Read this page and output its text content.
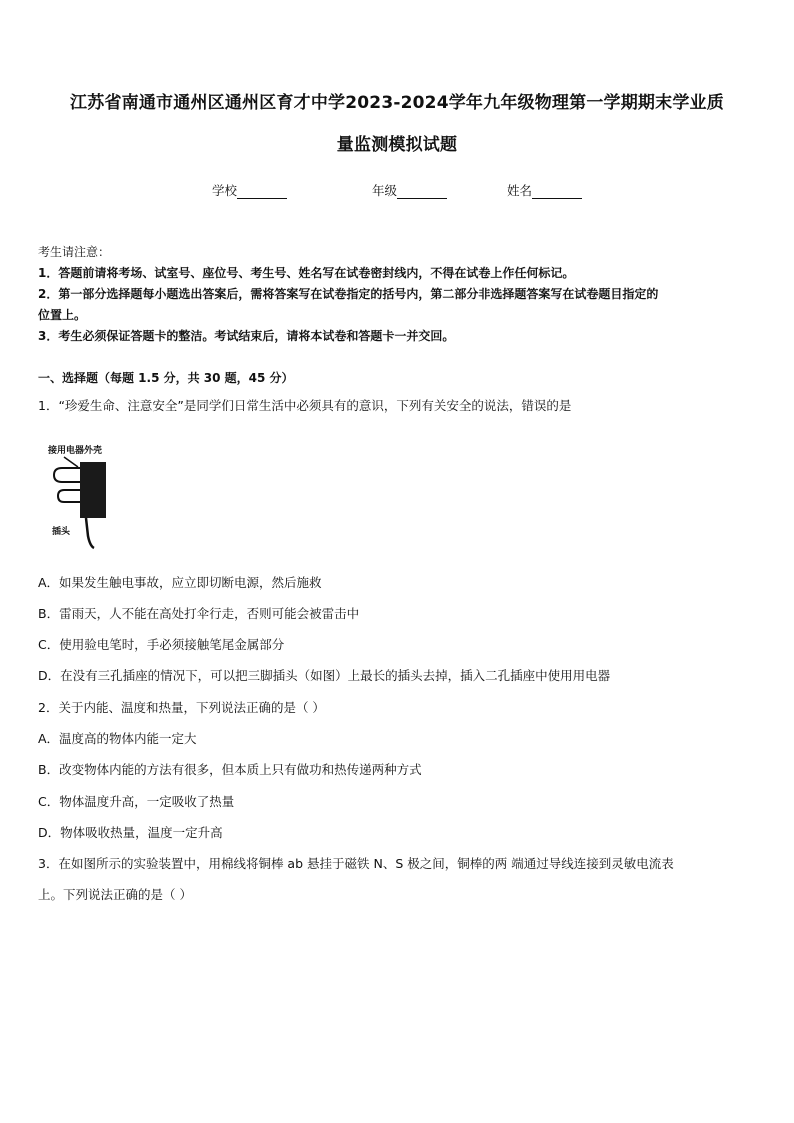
江苏省南通市通州区通州区育才中学2023-2024学年九年级物理第一学期期末学业质
量监测模拟试题
学校	年级	姓名
考生请注意：
1．答题前请将考场、试室号、座位号、考生号、姓名写在试卷密封线内，不得在试卷上作任何标记。
2．第一部分选择题每小题选出答案后，需将答案写在试卷指定的括号内，第二部分非选择题答案写在试卷题目指定的
位置上。
3．考生必须保证答题卡的整洁。考试结束后，请将本试卷和答题卡一并交回。
一、选择题（每题 1.5 分，共 30 题，45 分）
1．“珍爱生命、注意安全”是同学们日常生活中必须具有的意识，下列有关安全的说法，错误的是
接用电器外壳
插头
A．如果发生触电事故，应立即切断电源，然后施救
B．雷雨天，人不能在高处打伞行走，否则可能会被雷击中
C．使用验电笔时，手必须接触笔尾金属部分
D．在没有三孔插座的情况下，可以把三脚插头（如图）上最长的插头去掉，插入二孔插座中使用用电器
2．关于内能、温度和热量，下列说法正确的是（ ）
A．温度高的物体内能一定大
B．改变物体内能的方法有很多，但本质上只有做功和热传递两种方式
C．物体温度升高，一定吸收了热量
D．物体吸收热量，温度一定升高
3．在如图所示的实验装置中，用棉线将铜棒 ab 悬挂于磁铁 N、S 极之间，铜棒的两 端通过导线连接到灵敏电流表
上。下列说法正确的是（ ）
